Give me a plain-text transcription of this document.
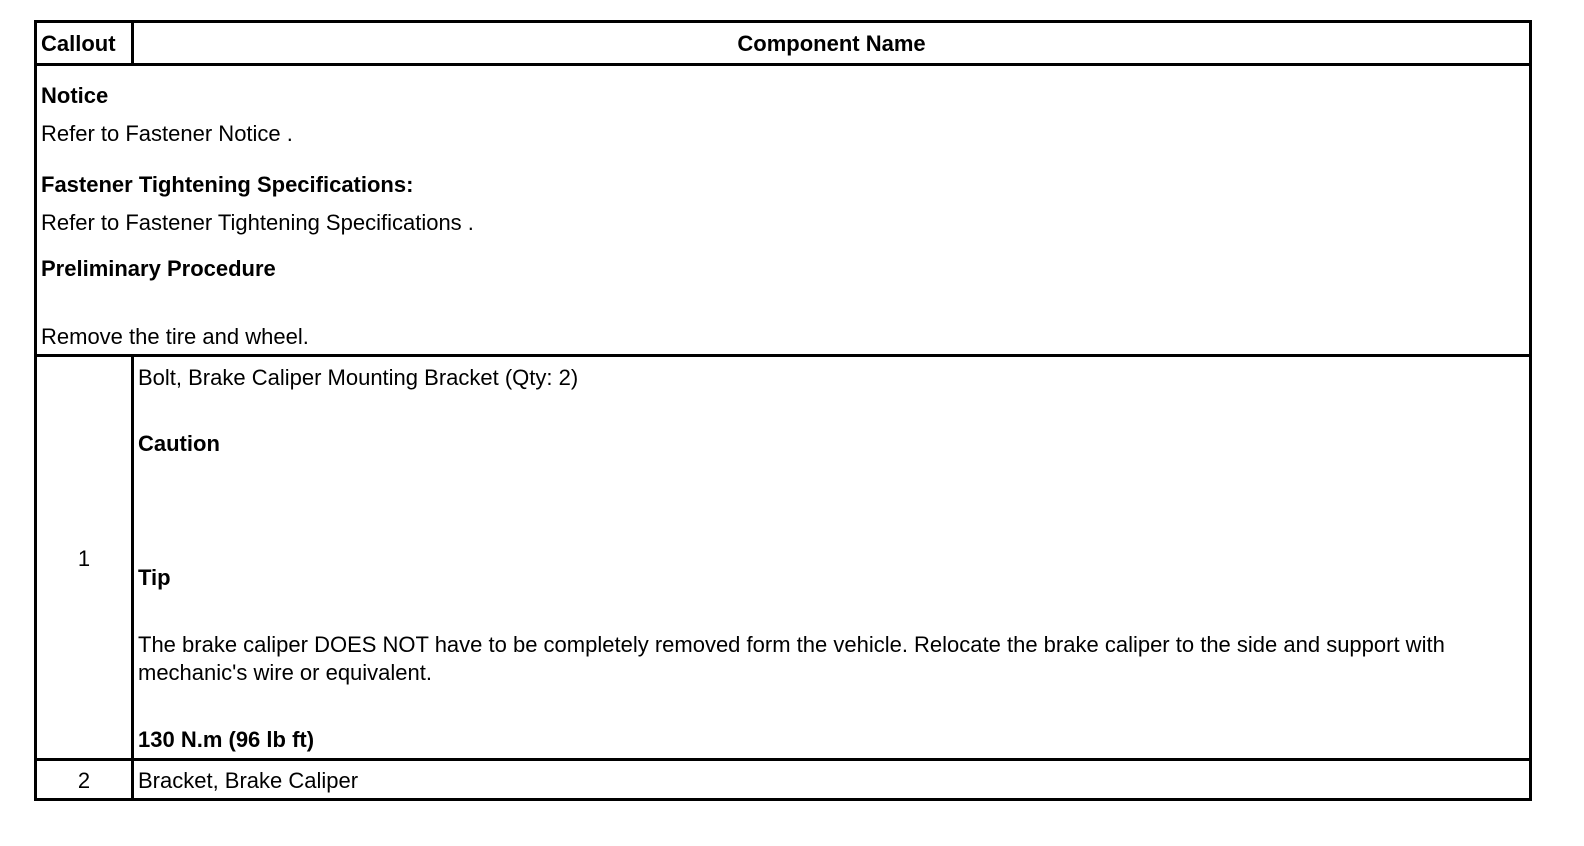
Callout	Component Name
Notice
Refer to Fastener Notice .
Fastener Tightening Specifications:
Refer to Fastener Tightening Specifications .
Preliminary Procedure
Remove the tire and wheel.
1
Bolt, Brake Caliper Mounting Bracket (Qty: 2)
Caution
Tip
The brake caliper DOES NOT have to be completely removed form the vehicle. Relocate the brake caliper to the side and support with mechanic's wire or equivalent.
130 N.m (96 lb ft)
2	Bracket, Brake Caliper
